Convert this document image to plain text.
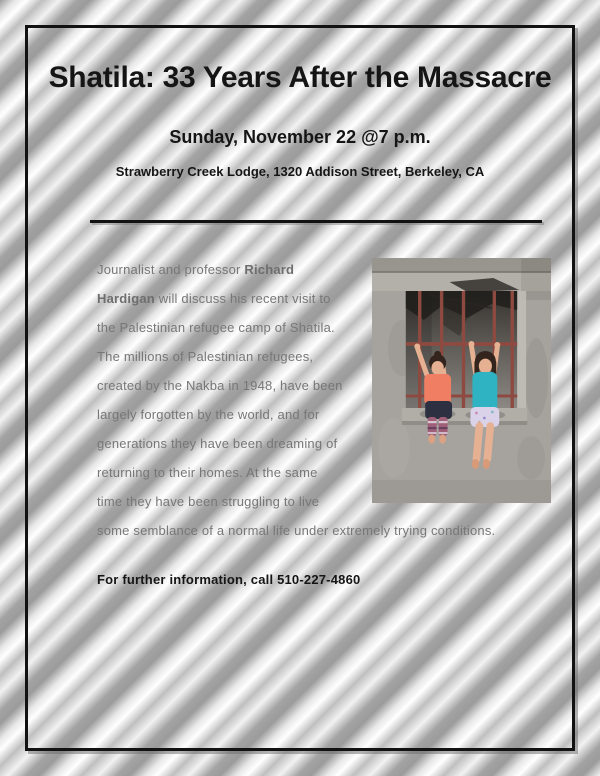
Shatila: 33 Years After the Massacre
Sunday, November 22 @7 p.m.
Strawberry Creek Lodge, 1320 Addison Street, Berkeley, CA
Journalist and professor Richard
Hardigan will discuss his recent visit to
the Palestinian refugee camp of Shatila.
The millions of Palestinian refugees,
created by the Nakba in 1948, have been
largely forgotten by the world, and for
generations they have been dreaming of
returning to their homes. At the same
time they have been struggling to live
some semblance of a normal life under extremely trying conditions.
For further information, call 510-227-4860
